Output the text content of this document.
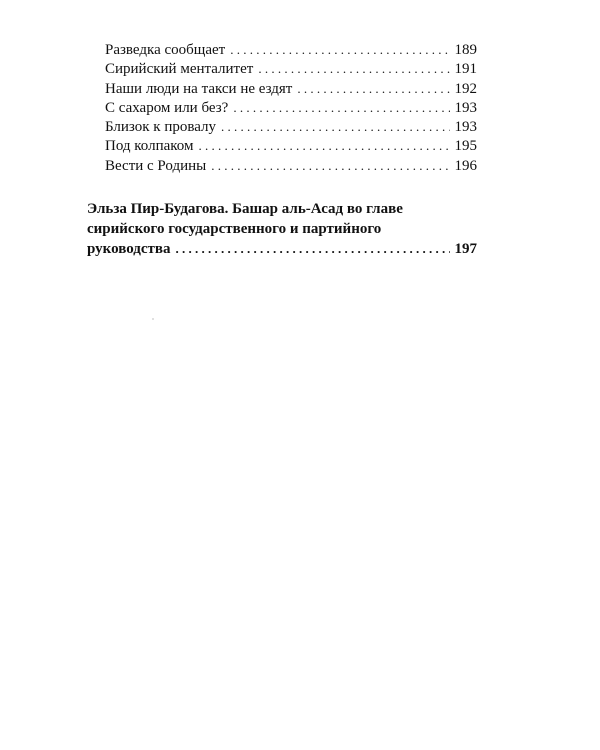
Разведка сообщает . . .	189
Сирийский менталитет . . .	191
Наши люди на такси не ездят . . .	192
С сахаром или без? . . .	193
Близок к провалу . . .	193
Под колпаком . . .	195
Вести с Родины . . .	196
Эльза Пир-Будагова. Башар аль-Асад во главе
сирийского государственного и партийного
руководства . . .	197
